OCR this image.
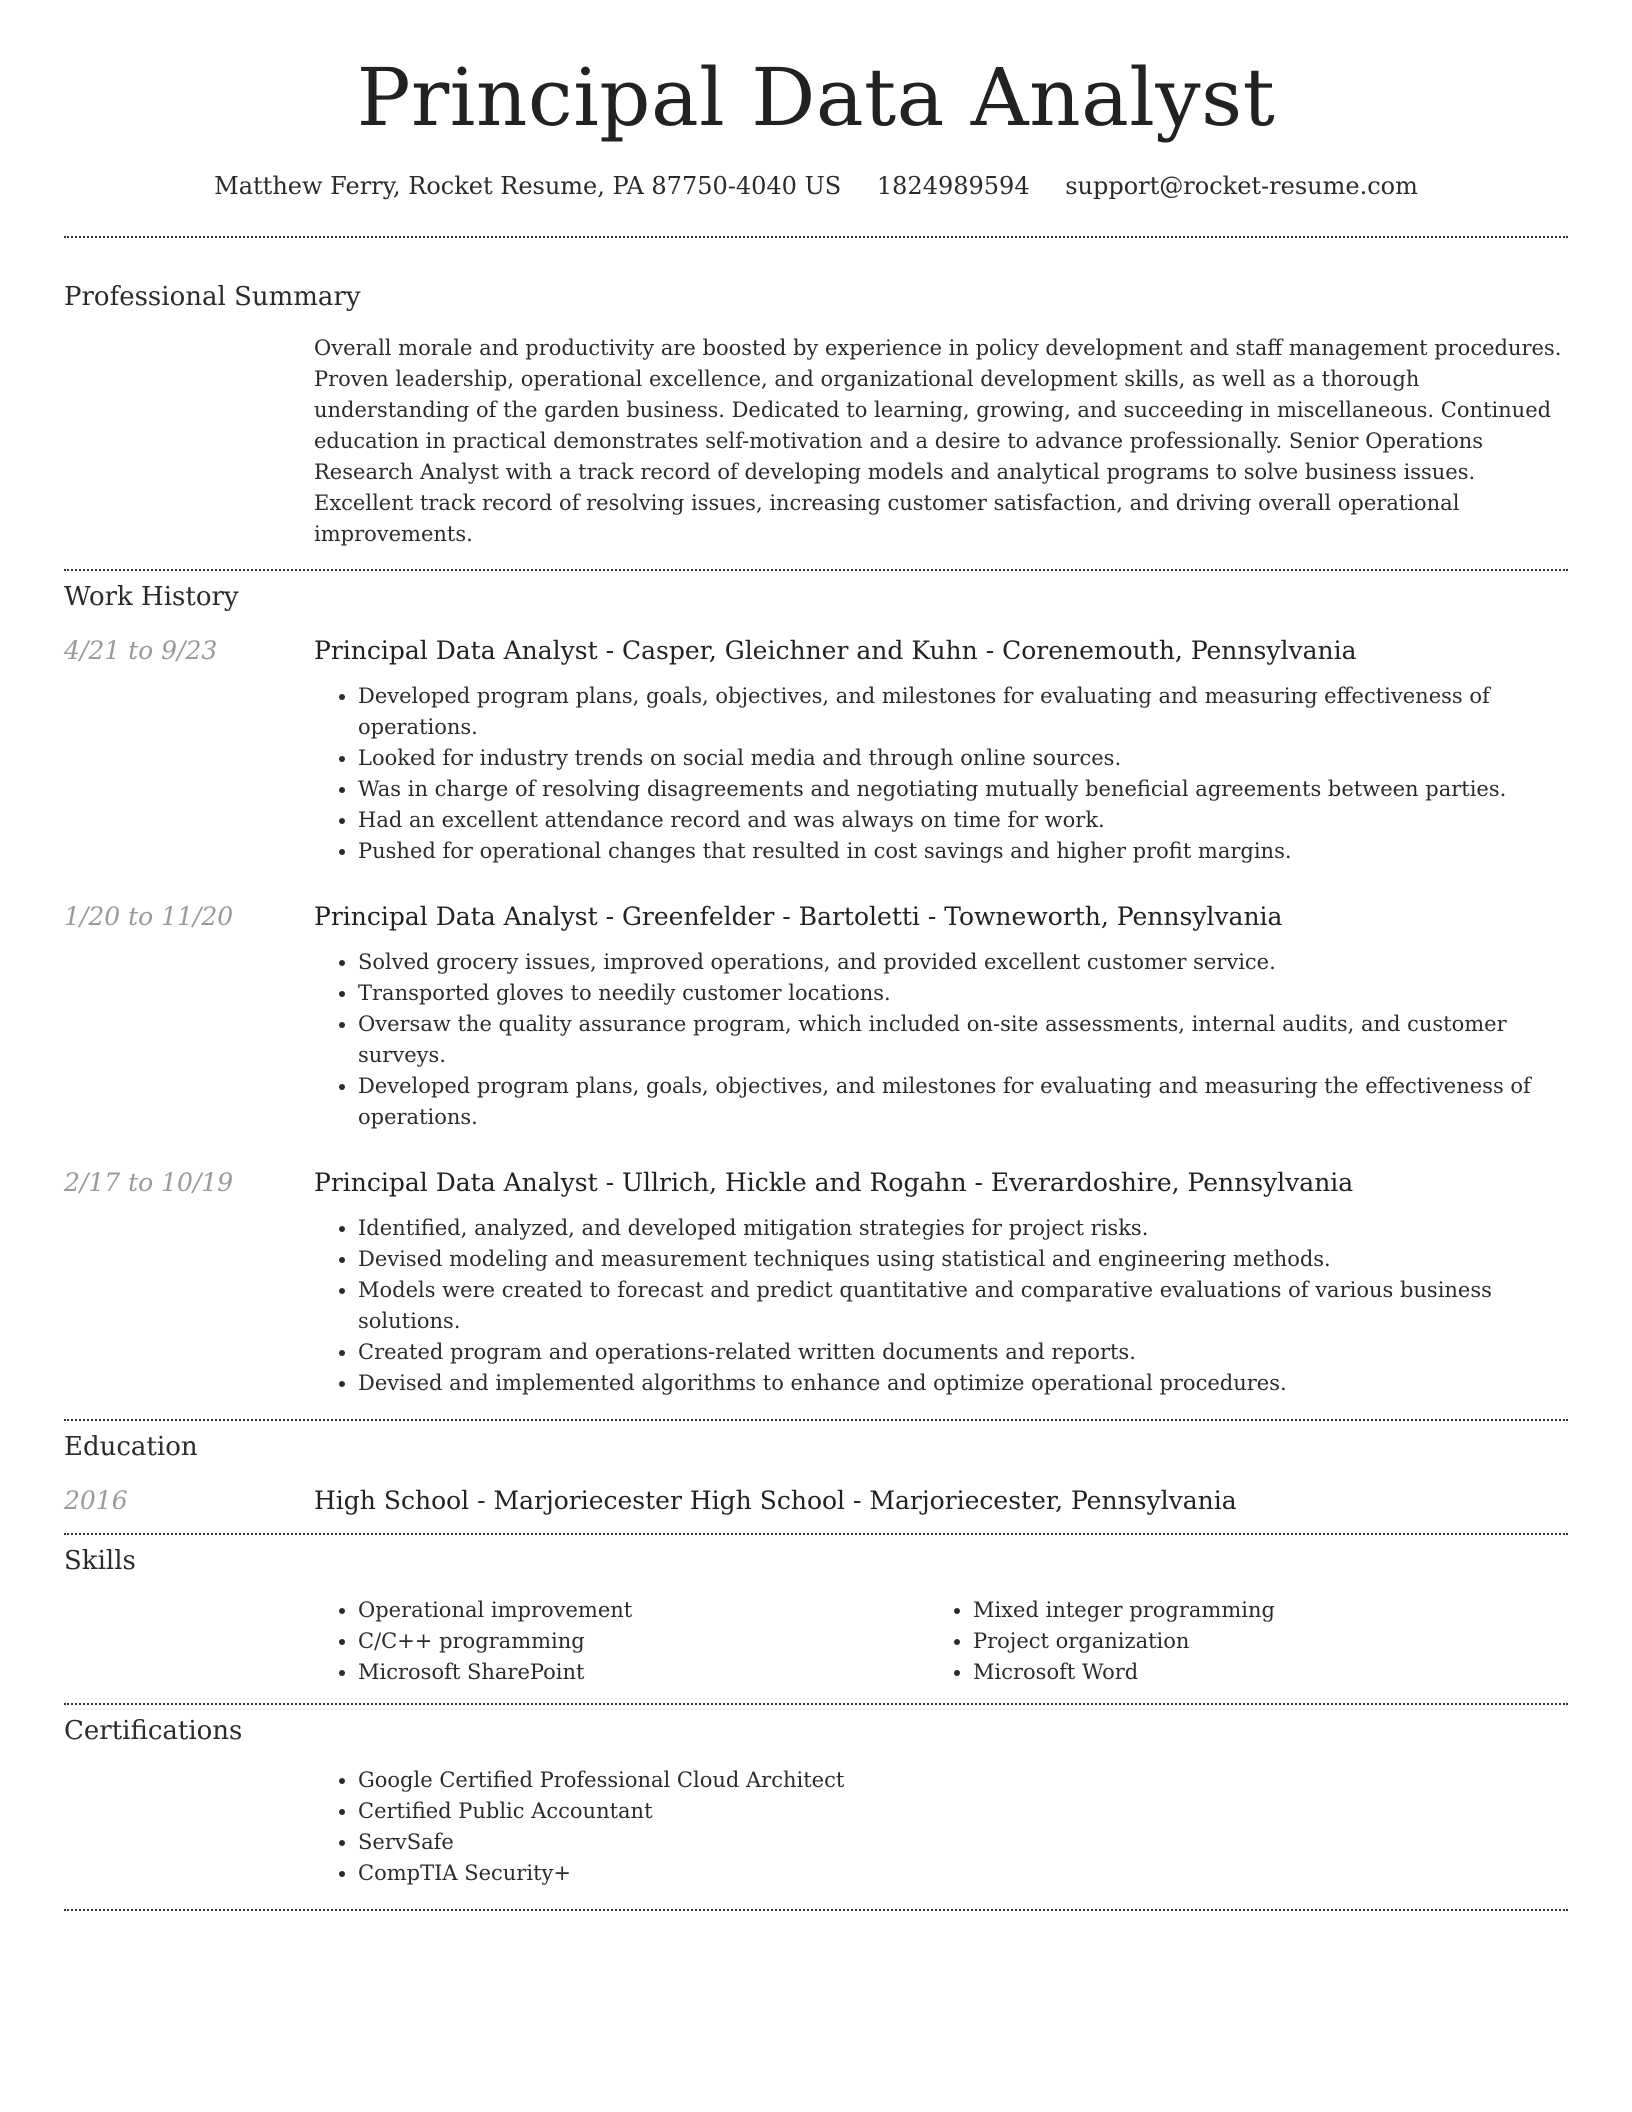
Principal Data Analyst
Matthew Ferry, Rocket Resume, PA 87750-4040 US 1824989594 support@rocket-resume.com
Professional Summary

Overall morale and productivity are boosted by experience in policy development and staff management procedures. Proven leadership, operational excellence, and organizational development skills, as well as a thorough understanding of the garden business. Dedicated to learning, growing, and succeeding in miscellaneous. Continued education in practical demonstrates self-motivation and a desire to advance professionally. Senior Operations Research Analyst with a track record of developing models and analytical programs to solve business issues. Excellent track record of resolving issues, increasing customer satisfaction, and driving overall operational improvements.

Work History
4/21 to 9/23	Principal Data Analyst - Casper, Gleichner and Kuhn - Corenemouth, Pennsylvania
• Developed program plans, goals, objectives, and milestones for evaluating and measuring effectiveness of operations.
• Looked for industry trends on social media and through online sources.
• Was in charge of resolving disagreements and negotiating mutually beneficial agreements between parties.
• Had an excellent attendance record and was always on time for work.
• Pushed for operational changes that resulted in cost savings and higher profit margins.
1/20 to 11/20	Principal Data Analyst - Greenfelder - Bartoletti - Towneworth, Pennsylvania
• Solved grocery issues, improved operations, and provided excellent customer service.
• Transported gloves to needily customer locations.
• Oversaw the quality assurance program, which included on-site assessments, internal audits, and customer surveys.
• Developed program plans, goals, objectives, and milestones for evaluating and measuring the effectiveness of operations.
2/17 to 10/19	Principal Data Analyst - Ullrich, Hickle and Rogahn - Everardoshire, Pennsylvania
• Identified, analyzed, and developed mitigation strategies for project risks.
• Devised modeling and measurement techniques using statistical and engineering methods.
• Models were created to forecast and predict quantitative and comparative evaluations of various business solutions.
• Created program and operations-related written documents and reports.
• Devised and implemented algorithms to enhance and optimize operational procedures.
Education
2016	High School - Marjoriecester High School - Marjoriecester, Pennsylvania
Skills
• Operational improvement
• C/C++ programming
• Microsoft SharePoint
• Mixed integer programming
• Project organization
• Microsoft Word
Certifications
• Google Certified Professional Cloud Architect
• Certified Public Accountant
• ServSafe
• CompTIA Security+
